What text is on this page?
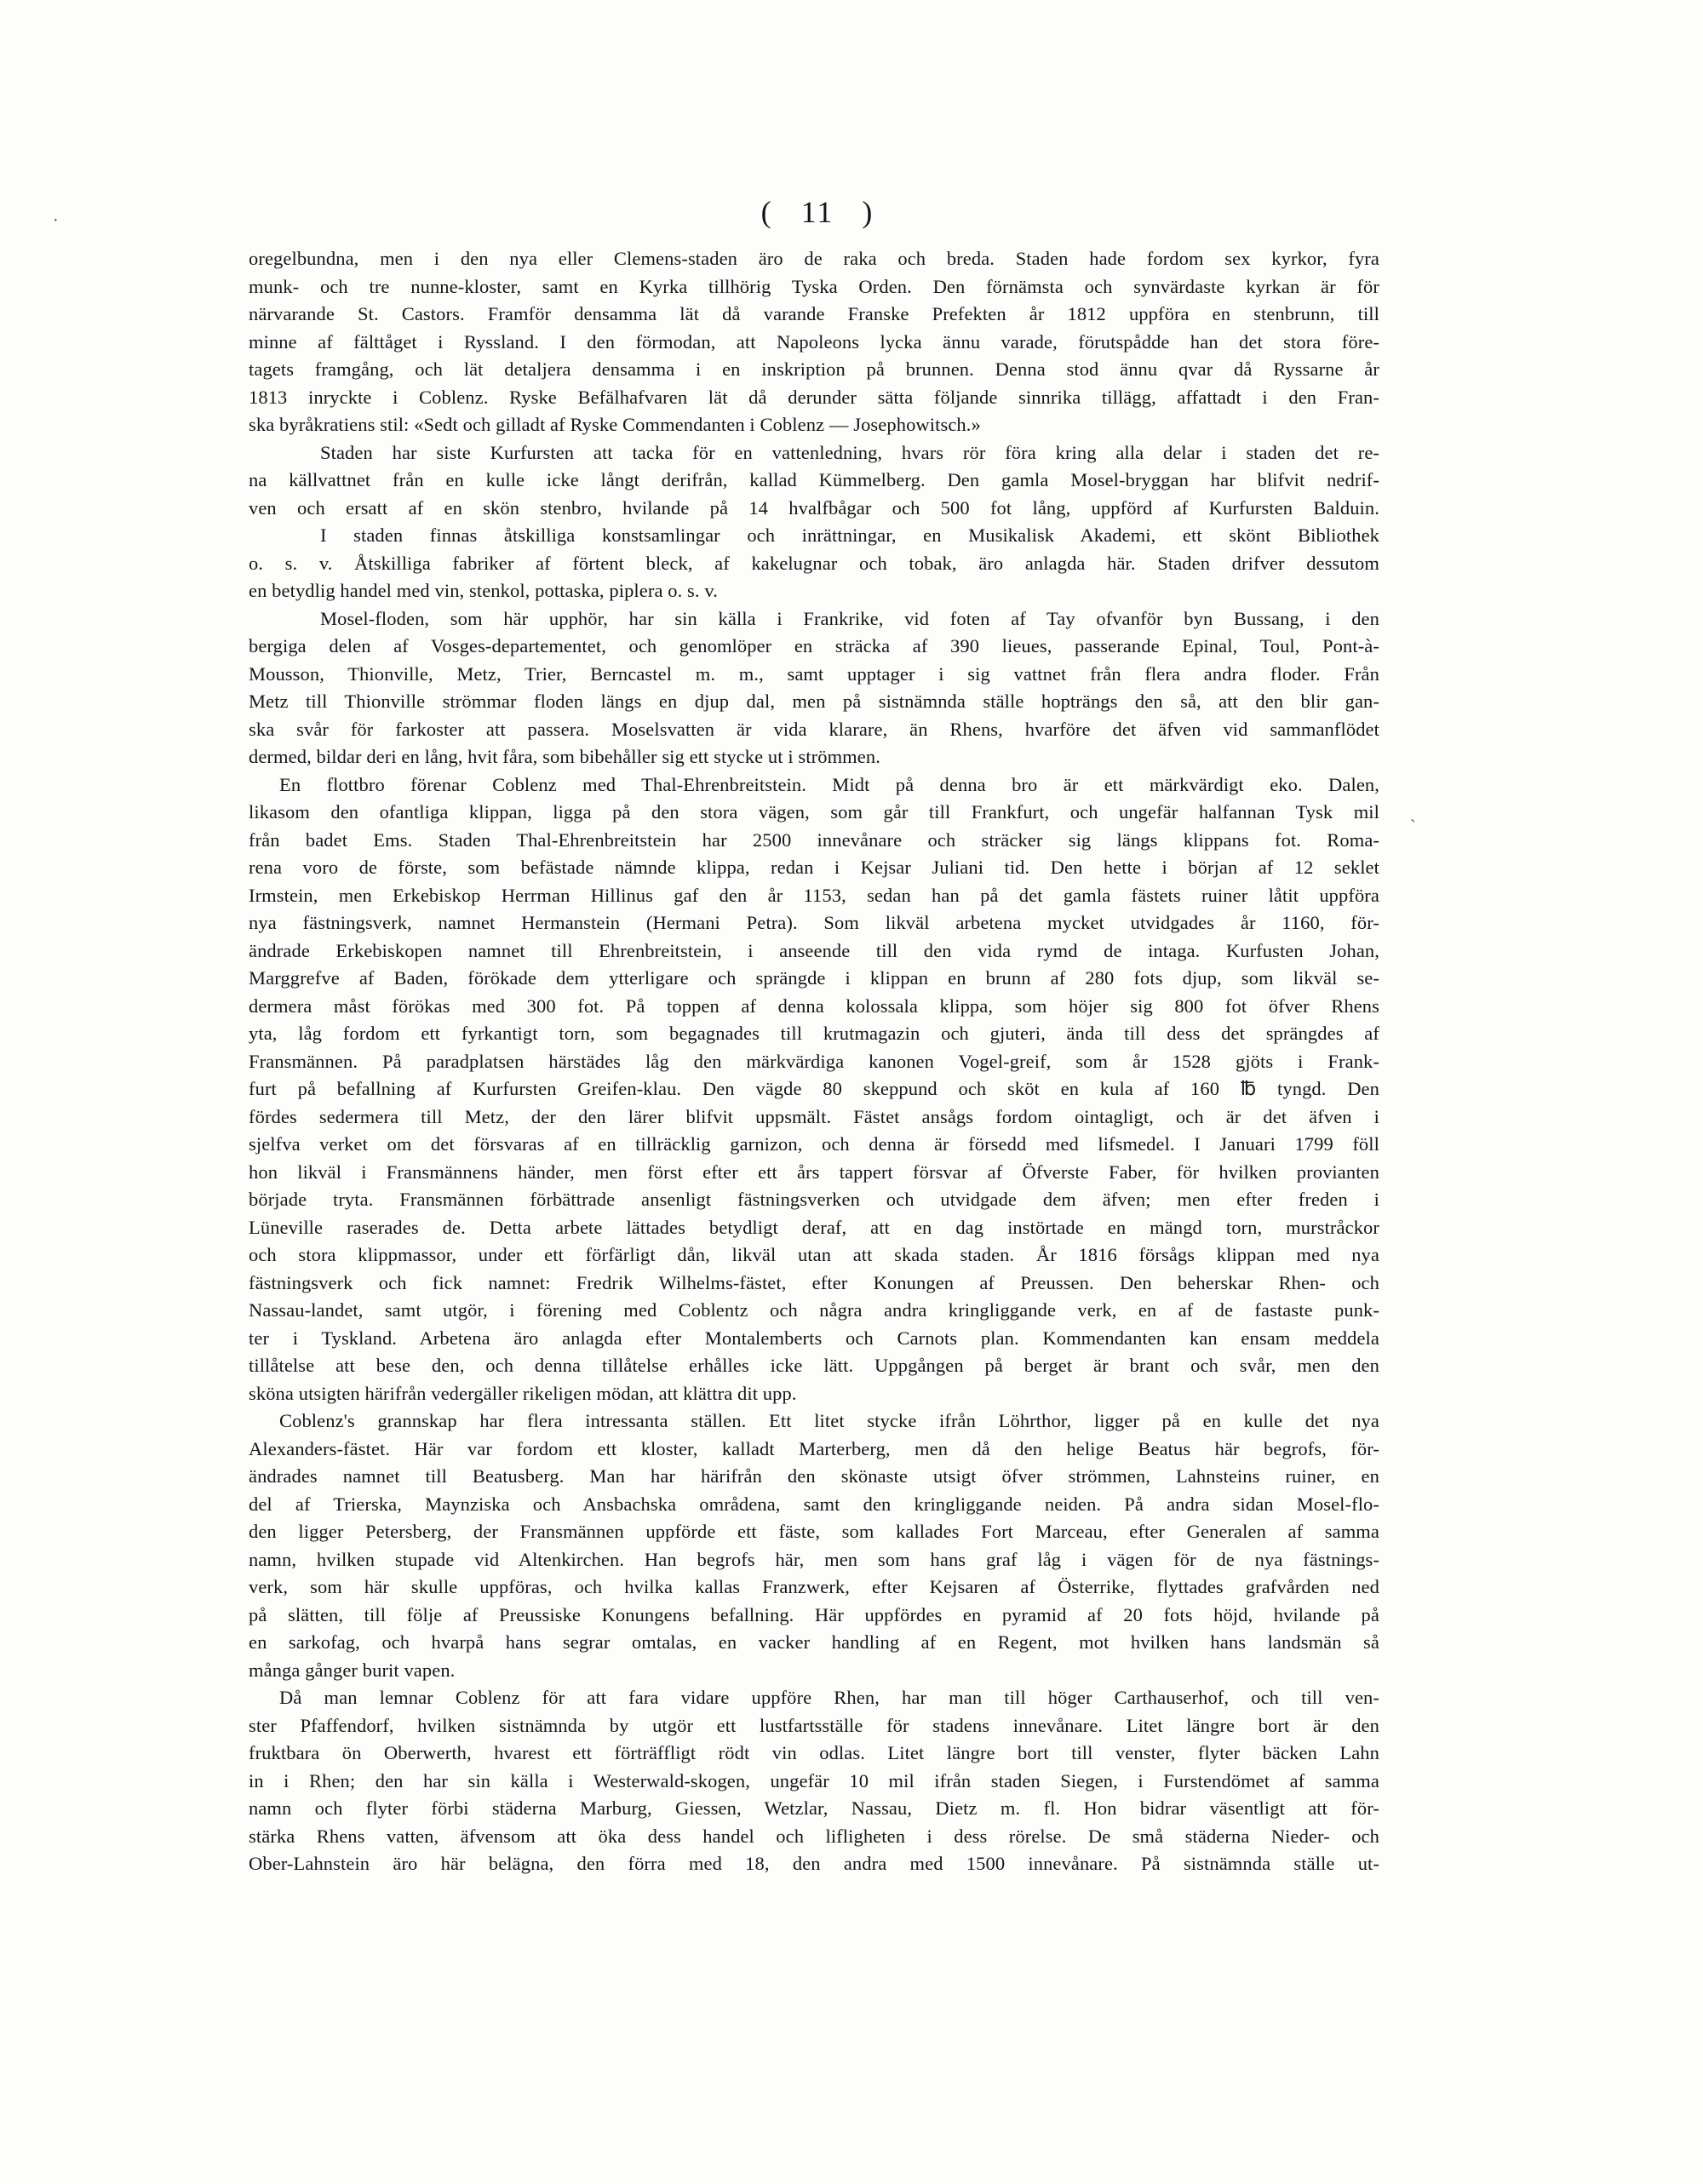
·
ˎ

(   11   )

oregelbundna, men i den nya eller Clemens-staden äro de raka och breda. Staden hade fordom sex kyrkor, fyra
munk- och tre nunne-kloster, samt en Kyrka tillhörig Tyska Orden. Den förnämsta och synvärdaste kyrkan är för
närvarande St. Castors. Framför densamma lät då varande Franske Prefekten år 1812 uppföra en stenbrunn, till
minne af fälttåget i Ryssland. I den förmodan, att Napoleons lycka ännu varade, förutspådde han det stora före-
tagets framgång, och lät detaljera densamma i en inskription på brunnen. Denna stod ännu qvar då Ryssarne år
1813 inryckte i Coblenz. Ryske Befälhafvaren lät då derunder sätta följande sinnrika tillägg, affattadt i den Fran-
ska byråkratiens stil: «Sedt och gilladt af Ryske Commendanten i Coblenz — Josephowitsch.»
Staden har siste Kurfursten att tacka för en vattenledning, hvars rör föra kring alla delar i staden det re-
na källvattnet från en kulle icke långt derifrån, kallad Kümmelberg. Den gamla Mosel-bryggan har blifvit nedrif-
ven och ersatt af en skön stenbro, hvilande på 14 hvalfbågar och 500 fot lång, uppförd af Kurfursten Balduin.
I staden finnas åtskilliga konstsamlingar och inrättningar, en Musikalisk Akademi, ett skönt Bibliothek
o. s. v. Åtskilliga fabriker af förtent bleck, af kakelugnar och tobak, äro anlagda här. Staden drifver dessutom
en betydlig handel med vin, stenkol, pottaska, piplera o. s. v.
Mosel-floden, som här upphör, har sin källa i Frankrike, vid foten af Tay ofvanför byn Bussang, i den
bergiga delen af Vosges-departementet, och genomlöper en sträcka af 390 lieues, passerande Epinal, Toul, Pont-à-
Mousson, Thionville, Metz, Trier, Berncastel m. m., samt upptager i sig vattnet från flera andra floder. Från
Metz till Thionville strömmar floden längs en djup dal, men på sistnämnda ställe hopträngs den så, att den blir gan-
ska svår för farkoster att passera. Moselsvatten är vida klarare, än Rhens, hvarföre det äfven vid sammanflödet
dermed, bildar deri en lång, hvit fåra, som bibehåller sig ett stycke ut i strömmen.
En flottbro förenar Coblenz med Thal-Ehrenbreitstein. Midt på denna bro är ett märkvärdigt eko. Dalen,
likasom den ofantliga klippan, ligga på den stora vägen, som går till Frankfurt, och ungefär halfannan Tysk mil
från badet Ems. Staden Thal-Ehrenbreitstein har 2500 innevånare och sträcker sig längs klippans fot. Roma-
rena voro de förste, som befästade nämnde klippa, redan i Kejsar Juliani tid. Den hette i början af 12 seklet
Irmstein, men Erkebiskop Herrman Hillinus gaf den år 1153, sedan han på det gamla fästets ruiner låtit uppföra
nya fästningsverk, namnet Hermanstein (Hermani Petra). Som likväl arbetena mycket utvidgades år 1160, för-
ändrade Erkebiskopen namnet till Ehrenbreitstein, i anseende till den vida rymd de intaga. Kurfusten Johan,
Marggrefve af Baden, förökade dem ytterligare och sprängde i klippan en brunn af 280 fots djup, som likväl se-
dermera måst förökas med 300 fot. På toppen af denna kolossala klippa, som höjer sig 800 fot öfver Rhens
yta, låg fordom ett fyrkantigt torn, som begagnades till krutmagazin och gjuteri, ända till dess det sprängdes af
Fransmännen. På paradplatsen härstädes låg den märkvärdiga kanonen Vogel-greif, som år 1528 gjöts i Frank-
furt på befallning af Kurfursten Greifen-klau. Den vägde 80 skeppund och sköt en kula af 160 ℔ tyngd. Den
fördes sedermera till Metz, der den lärer blifvit uppsmält. Fästet ansågs fordom ointagligt, och är det äfven i
sjelfva verket om det försvaras af en tillräcklig garnizon, och denna är försedd med lifsmedel. I Januari 1799 föll
hon likväl i Fransmännens händer, men först efter ett års tappert försvar af Öfverste Faber, för hvilken provianten
började tryta. Fransmännen förbättrade ansenligt fästningsverken och utvidgade dem äfven; men efter freden i
Lüneville raserades de. Detta arbete lättades betydligt deraf, att en dag instörtade en mängd torn, murstråckor
och stora klippmassor, under ett förfärligt dån, likväl utan att skada staden. År 1816 försågs klippan med nya
fästningsverk och fick namnet: Fredrik Wilhelms-fästet, efter Konungen af Preussen. Den beherskar Rhen- och
Nassau-landet, samt utgör, i förening med Coblentz och några andra kringliggande verk, en af de fastaste punk-
ter i Tyskland. Arbetena äro anlagda efter Montalemberts och Carnots plan. Kommendanten kan ensam meddela
tillåtelse att bese den, och denna tillåtelse erhålles icke lätt. Uppgången på berget är brant och svår, men den
sköna utsigten härifrån vedergäller rikeligen mödan, att klättra dit upp.
Coblenz's grannskap har flera intressanta ställen. Ett litet stycke ifrån Löhrthor, ligger på en kulle det nya
Alexanders-fästet. Här var fordom ett kloster, kalladt Marterberg, men då den helige Beatus här begrofs, för-
ändrades namnet till Beatusberg. Man har härifrån den skönaste utsigt öfver strömmen, Lahnsteins ruiner, en
del af Trierska, Maynziska och Ansbachska områdena, samt den kringliggande neiden. På andra sidan Mosel-flo-
den ligger Petersberg, der Fransmännen uppförde ett fäste, som kallades Fort Marceau, efter Generalen af samma
namn, hvilken stupade vid Altenkirchen. Han begrofs här, men som hans graf låg i vägen för de nya fästnings-
verk, som här skulle uppföras, och hvilka kallas Franzwerk, efter Kejsaren af Österrike, flyttades grafvården ned
på slätten, till följe af Preussiske Konungens befallning. Här uppfördes en pyramid af 20 fots höjd, hvilande på
en sarkofag, och hvarpå hans segrar omtalas, en vacker handling af en Regent, mot hvilken hans landsmän så
många gånger burit vapen.
Då man lemnar Coblenz för att fara vidare uppföre Rhen, har man till höger Carthauserhof, och till ven-
ster Pfaffendorf, hvilken sistnämnda by utgör ett lustfartsställe för stadens innevånare. Litet längre bort är den
fruktbara ön Oberwerth, hvarest ett förträffligt rödt vin odlas. Litet längre bort till venster, flyter bäcken Lahn
in i Rhen; den har sin källa i Westerwald-skogen, ungefär 10 mil ifrån staden Siegen, i Furstendömet af samma
namn och flyter förbi städerna Marburg, Giessen, Wetzlar, Nassau, Dietz m. fl. Hon bidrar väsentligt att för-
stärka Rhens vatten, äfvensom att öka dess handel och lifligheten i dess rörelse. De små städerna Nieder- och
Ober-Lahnstein äro här belägna, den förra med 18, den andra med 1500 innevånare. På sistnämnda ställe ut-
